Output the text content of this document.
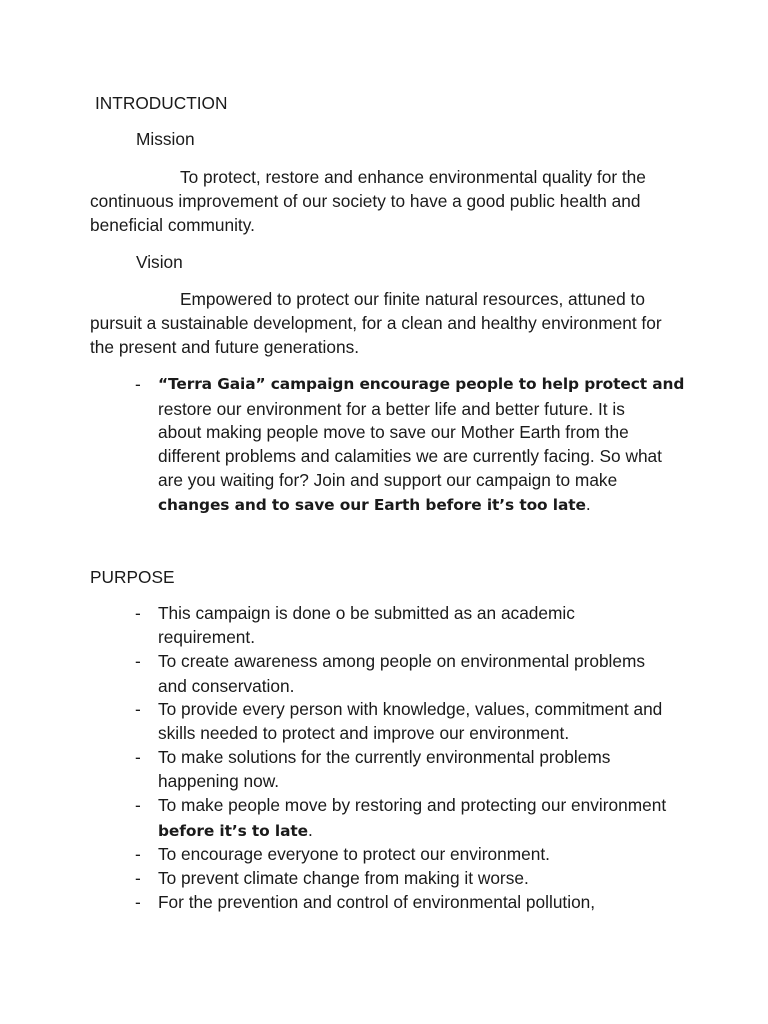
INTRODUCTION
Mission
To protect, restore and enhance environmental quality for the
continuous improvement of our society to have a good public health and
beneficial community.
Vision
Empowered to protect our finite natural resources, attuned to
pursuit a sustainable development, for a clean and healthy environment for
the present and future generations.
- “Terra Gaia” campaign encourage people to help protect and
restore our environment for a better life and better future. It is
about making people move to save our Mother Earth from the
different problems and calamities we are currently facing. So what
are you waiting for? Join and support our campaign to make
changes and to save our Earth before it’s too late.
PURPOSE
- This campaign is done o be submitted as an academic
requirement.
- To create awareness among people on environmental problems
and conservation.
- To provide every person with knowledge, values, commitment and
skills needed to protect and improve our environment.
- To make solutions for the currently environmental problems
happening now.
- To make people move by restoring and protecting our environment
before it’s to late.
- To encourage everyone to protect our environment.
- To prevent climate change from making it worse.
- For the prevention and control of environmental pollution,
